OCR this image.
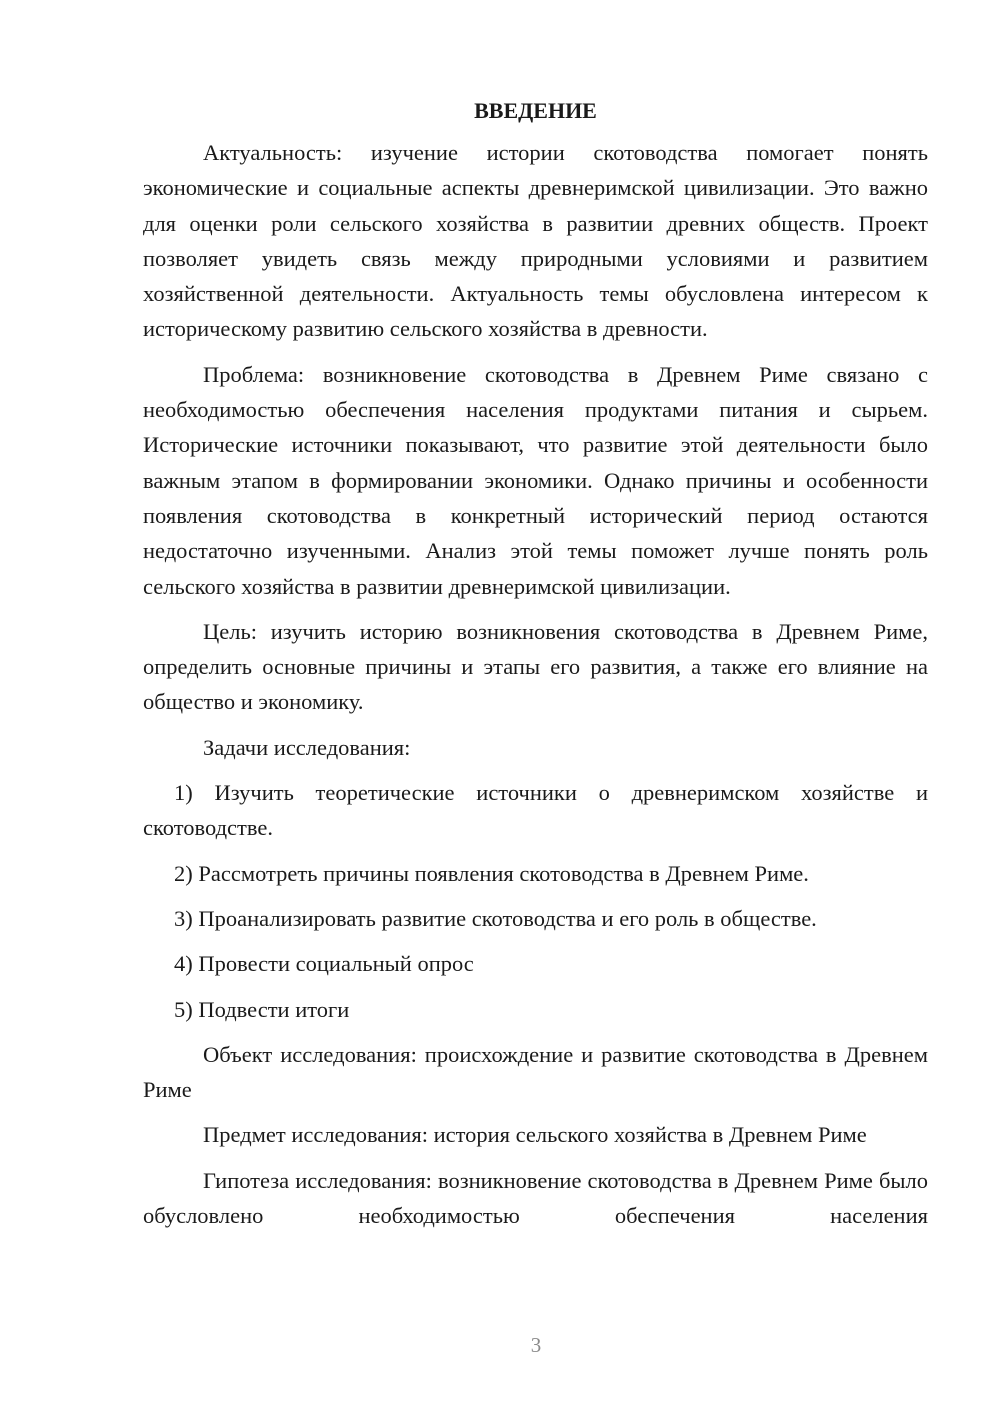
ВВЕДЕНИЕ

Актуальность: изучение истории скотоводства помогает понять экономические и социальные аспекты древнеримской цивилизации. Это важно для оценки роли сельского хозяйства в развитии древних обществ. Проект позволяет увидеть связь между природными условиями и развитием хозяйственной деятельности. Актуальность темы обусловлена интересом к историческому развитию сельского хозяйства в древности.

Проблема: возникновение скотоводства в Древнем Риме связано с необходимостью обеспечения населения продуктами питания и сырьем. Исторические источники показывают, что развитие этой деятельности было важным этапом в формировании экономики. Однако причины и особенности появления скотоводства в конкретный исторический период остаются недостаточно изученными. Анализ этой темы поможет лучше понять роль сельского хозяйства в развитии древнеримской цивилизации.

Цель: изучить историю возникновения скотоводства в Древнем Риме, определить основные причины и этапы его развития, а также его влияние на общество и экономику.

Задачи исследования:

1) Изучить теоретические источники о древнеримском хозяйстве и скотоводстве.

2) Рассмотреть причины появления скотоводства в Древнем Риме.

3) Проанализировать развитие скотоводства и его роль в обществе.

4) Провести социальный опрос

5) Подвести итоги

Объект исследования: происхождение и развитие скотоводства в Древнем Риме

Предмет исследования: история сельского хозяйства в Древнем Риме

Гипотеза исследования: возникновение скотоводства в Древнем Риме было обусловлено необходимостью обеспечения населения

3
